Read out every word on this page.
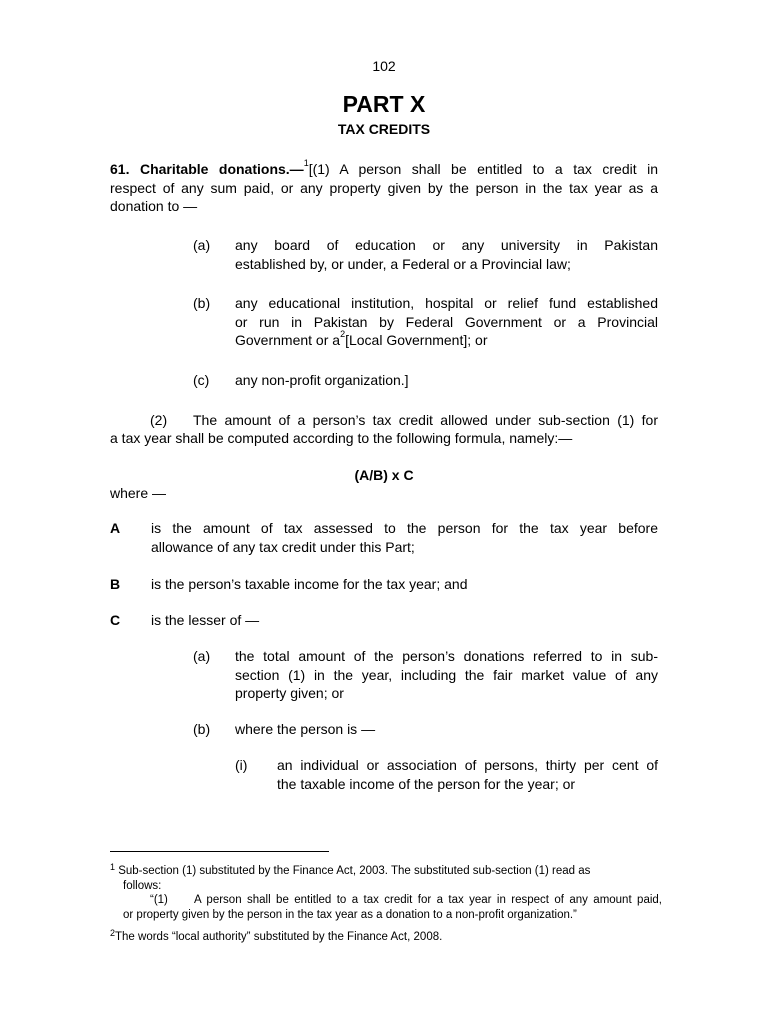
102
PART X
TAX CREDITS
61. Charitable donations.—$^1$[(1) A person shall be entitled to a tax credit in
respect of any sum paid, or any property given by the person in the tax year as a
donation to —
(a) any board of education or any university in Pakistan
established by, or under, a Federal or a Provincial law;
(b) any educational institution, hospital or relief fund established
or run in Pakistan by Federal Government or a Provincial
Government or $a^2[Local$ Government]; or
(c) any non-profit organization.]
(2) The amount of a person’s tax credit allowed under sub-section (1) for
a tax year shall be computed according to the following formula, namely:—
(A/B) x C
where —
A is the amount of tax assessed to the person for the tax year before
allowance of any tax credit under this Part;
B is the person’s taxable income for the tax year; and
C is the lesser of —
(a) the total amount of the person’s donations referred to in sub-
section (1) in the year, including the fair market value of any
property given; or
(b) where the person is —
(i) an individual or association of persons, thirty per cent of
the taxable income of the person for the year; or
$^1$ Sub-section (1) substituted by the Finance Act, 2003. The substituted sub-section (1) read as
follows:
“(1) A person shall be entitled to a tax credit for a tax year in respect of any amount paid,
or property given by the person in the tax year as a donation to a non-profit organization.”
$^2$The words “local authority” substituted by the Finance Act, 2008.
